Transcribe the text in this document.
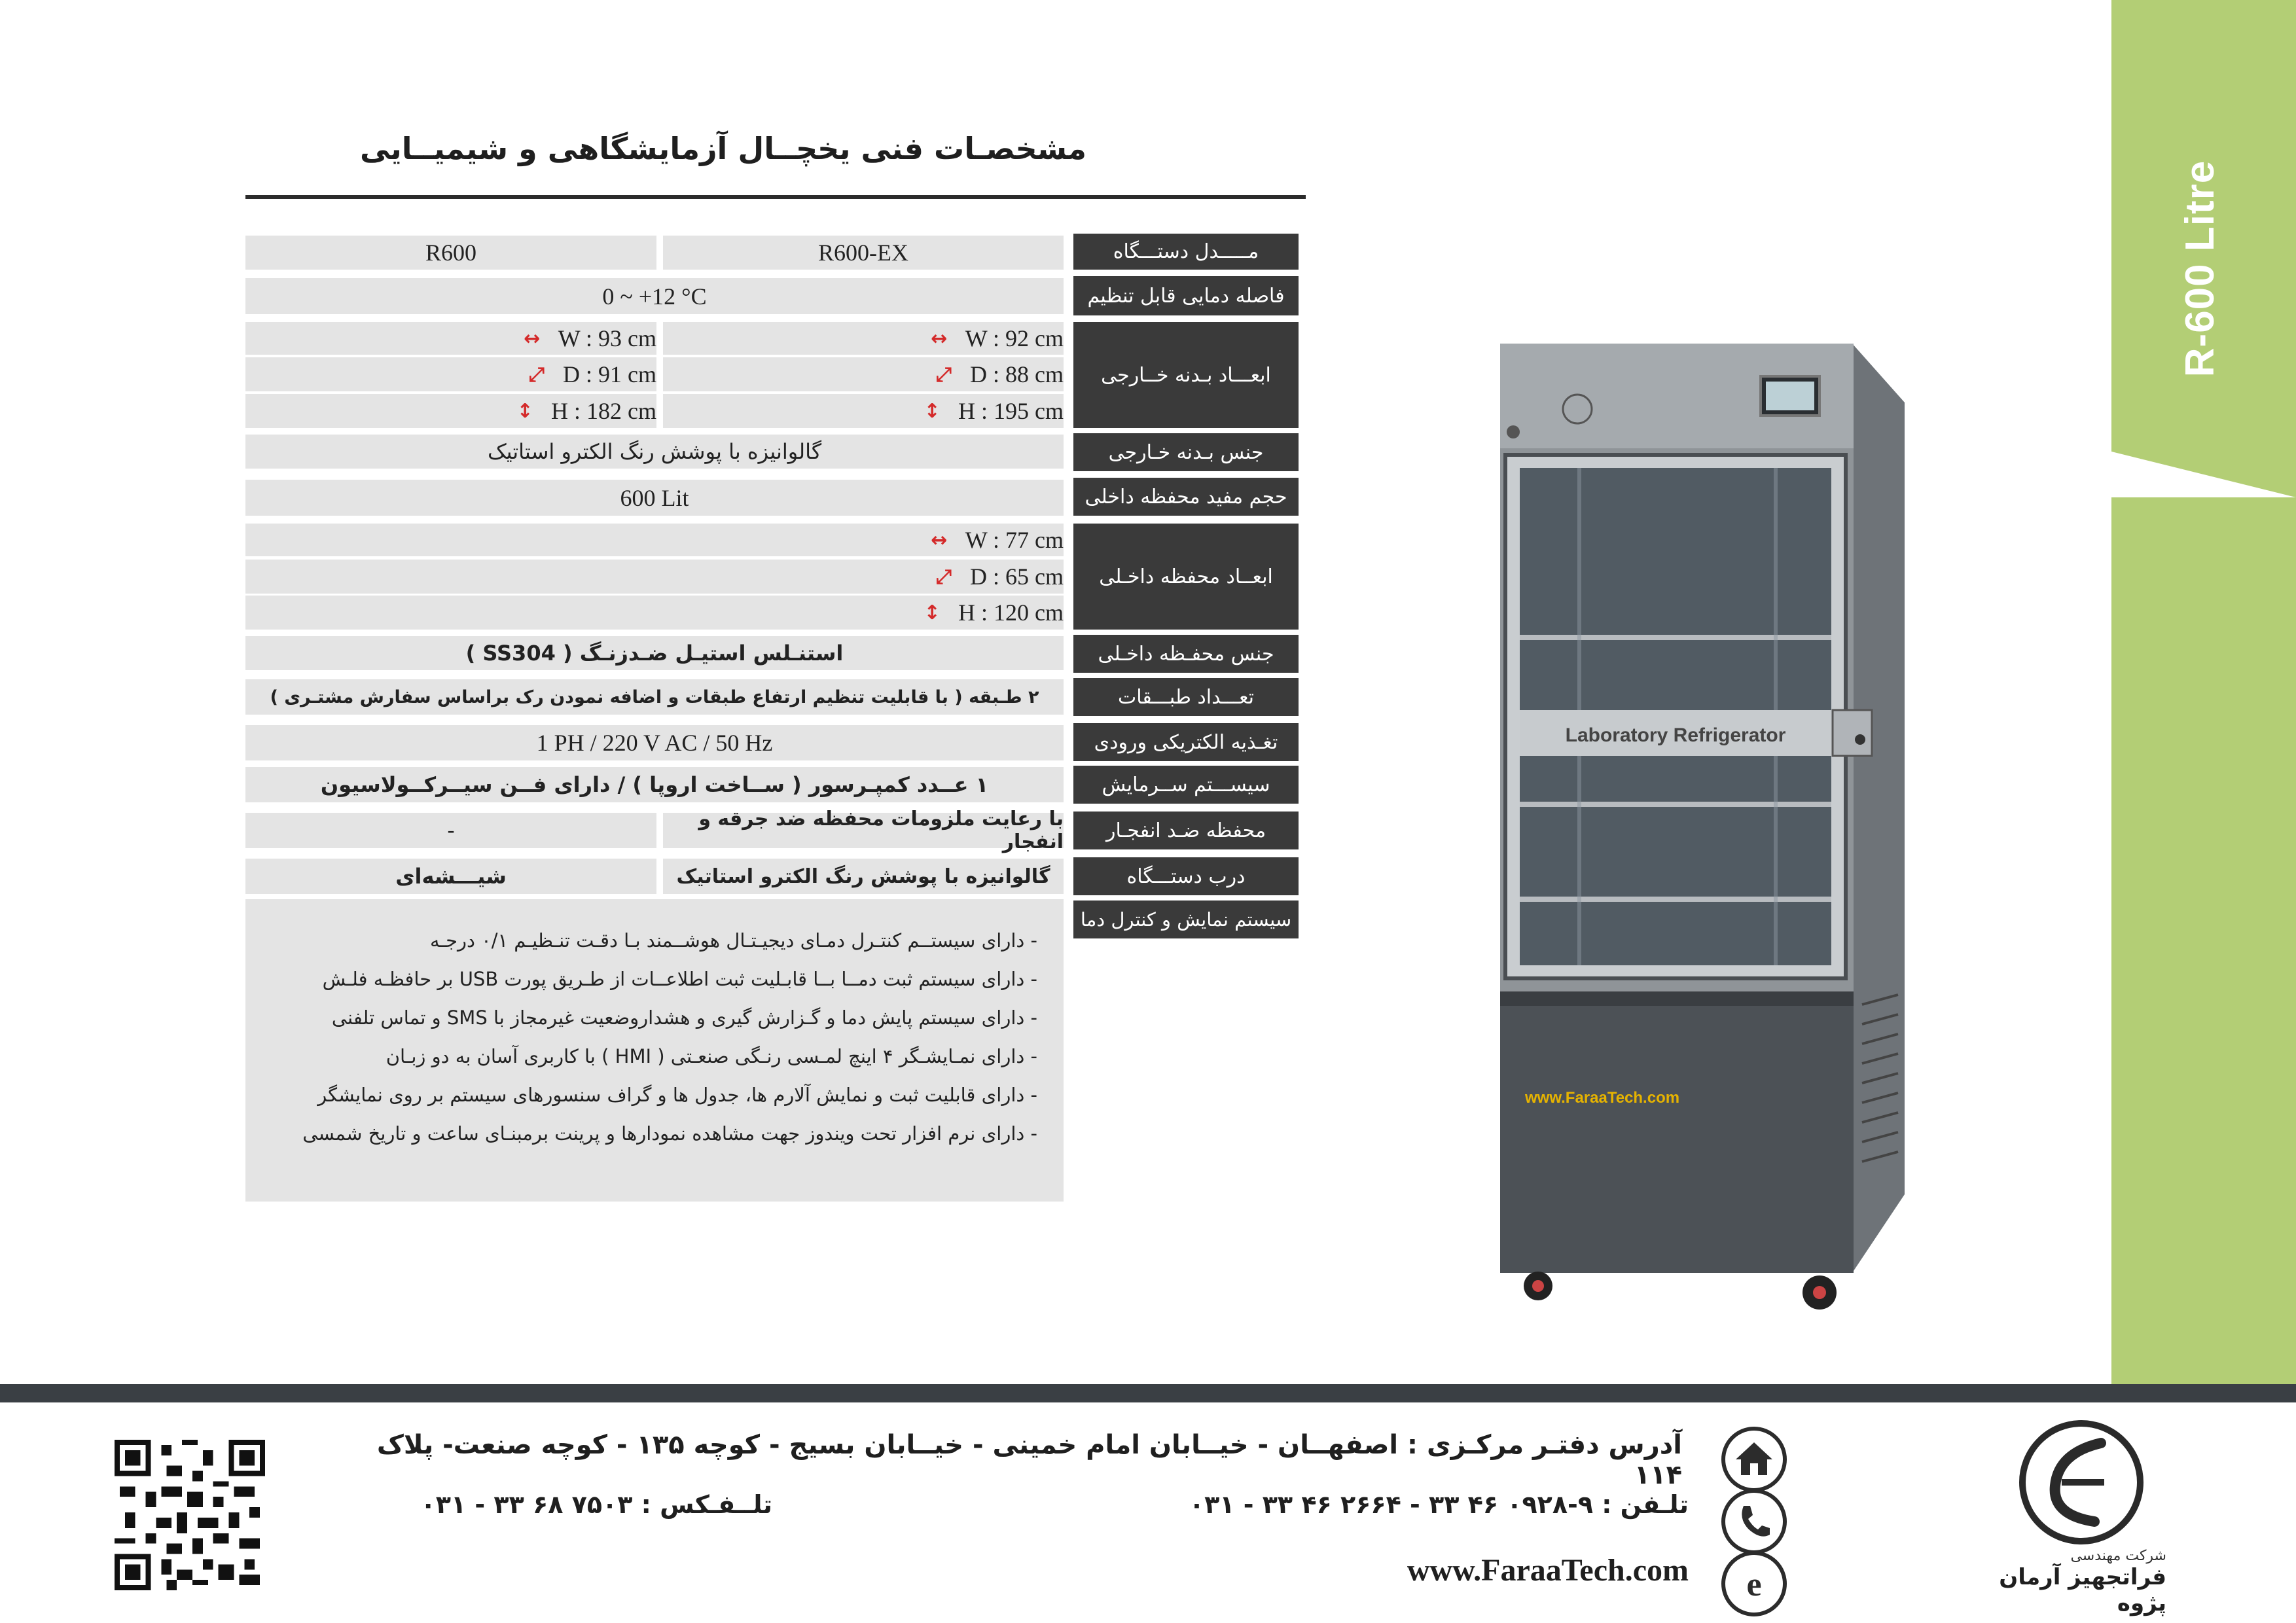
R-600 Litre
مشخصـات فنی یخچــال آزمایشگاهی و شیمیــایی
مـــــدل دستـــگاه
R600-EX
R600
فاصله دمایی قابل تنظیم
0 ~ +12 °C
ابعـــاد بـدنه خــارجی
↔ W : 92 cm
⤢ D : 88 cm
↕ H : 195 cm
↔ W : 93 cm
⤢ D : 91 cm
↕ H : 182 cm
جنس بـدنه خـارجی
گالوانیزه با پوشش رنگ الکترو استاتیک
حجم مفید محفظه داخلی
600 Lit
ابعــاد محفظه داخـلی
↔ W : 77 cm
⤢ D : 65 cm
↕ H : 120 cm
جنس محفـظه داخـلی
استنـلس استیـل ضـدزنـگ ( SS304 )
تعـــداد طبـــقات
۲ طـبقه ( با قابلیت تنظیم ارتفاع طبقات و اضافه نمودن رک براساس سفارش مشتـری )
تغـذیه الکتریکی ورودی
1 PH / 220 V AC / 50 Hz
سیســـتم ســرمایش
۱ عــدد کمپـرسور ( ســاخت اروپا ) / دارای فــن سیــرکــولاسیون
محفظه ضـد انفجـار
با رعایت ملزومات محفظه ضد جرقه و انفجار
-
درب دستـــگاه
گالوانیزه با پوشش رنگ الکترو استاتیک
شیـــشه‌ای
سیستم نمایش و کنترل دما
- دارای سیستــم کنتـرل دمـای دیجیـتـال هوشــمند بـا دقـت تنـظیـم ۰/۱ درجـه
- دارای سیستم ثبت دمــا بــا قابـلیت ثبت اطلاعــات از طـریق پورت USB بر حافظـه فلـش
- دارای سیستم پایش دما و گـزارش گیری و هشداروضعیت غیرمجاز با SMS و تماس تلفنی
- دارای نمـایشـگر ۴ اینچ لمـسی رنـگی صنعـتی ( HMI ) با کاربری آسان به دو زبـان
- دارای قابلیت ثبت و نمایش آلارم ها، جدول ها و گراف سنسورهای سیستم بر روی نمایشگر
- دارای نرم افزار تحت ویندوز جهت مشاهده نمودارها و پرینت برمبنـای ساعت و تاریخ شمسی
Laboratory Refrigerator
www.FaraaTech.com
آدرس دفتـر مرکـزی : اصفهــان - خیــابان امام خمینی - خیــابان بسیج - کوچه ۱۳۵ - کوچه صنعت- پلاک ۱۱۴
تلـفن : ۹-۰۹۲۸ ۴۶ ۳۳ - ۲۶۶۴ ۴۶ ۳۳ - ۰۳۱
تلــفـکس : ۷۵۰۳ ۶۸ ۳۳ - ۰۳۱
www.FaraaTech.com e
شرکت مهندسی
فراتجهیز آرمان پژوه
